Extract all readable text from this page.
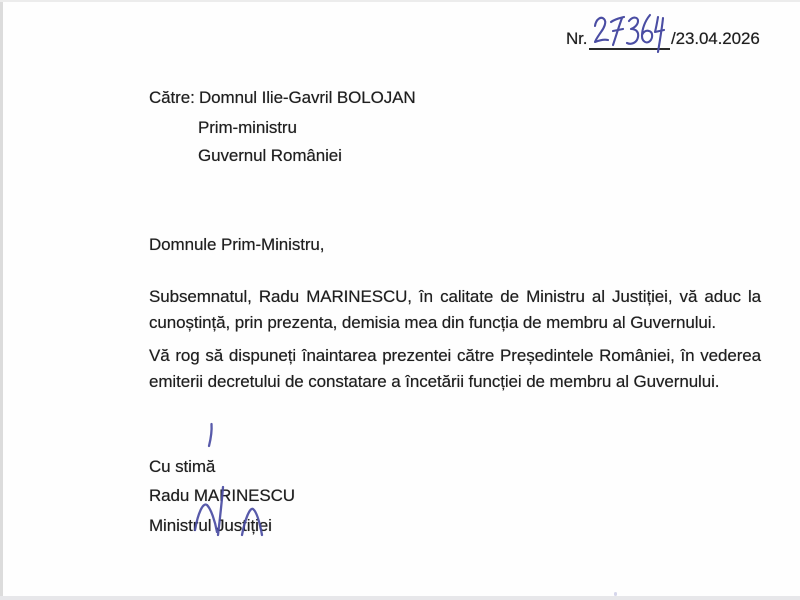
Nr.	/23.04.2026
Către: Domnul Ilie-Gavril BOLOJAN
Prim-ministru
Guvernul României
Domnule Prim-Ministru,
Subsemnatul, Radu MARINESCU, în calitate de Ministru al Justiției, vă aduc la
cunoștință, prin prezenta, demisia mea din funcția de membru al Guvernului.
Vă rog să dispuneți înaintarea prezentei către Președintele României, în vederea
emiterii decretului de constatare a încetării funcției de membru al Guvernului.
Cu stimă
Radu MARINESCU
Ministrul Justiției
